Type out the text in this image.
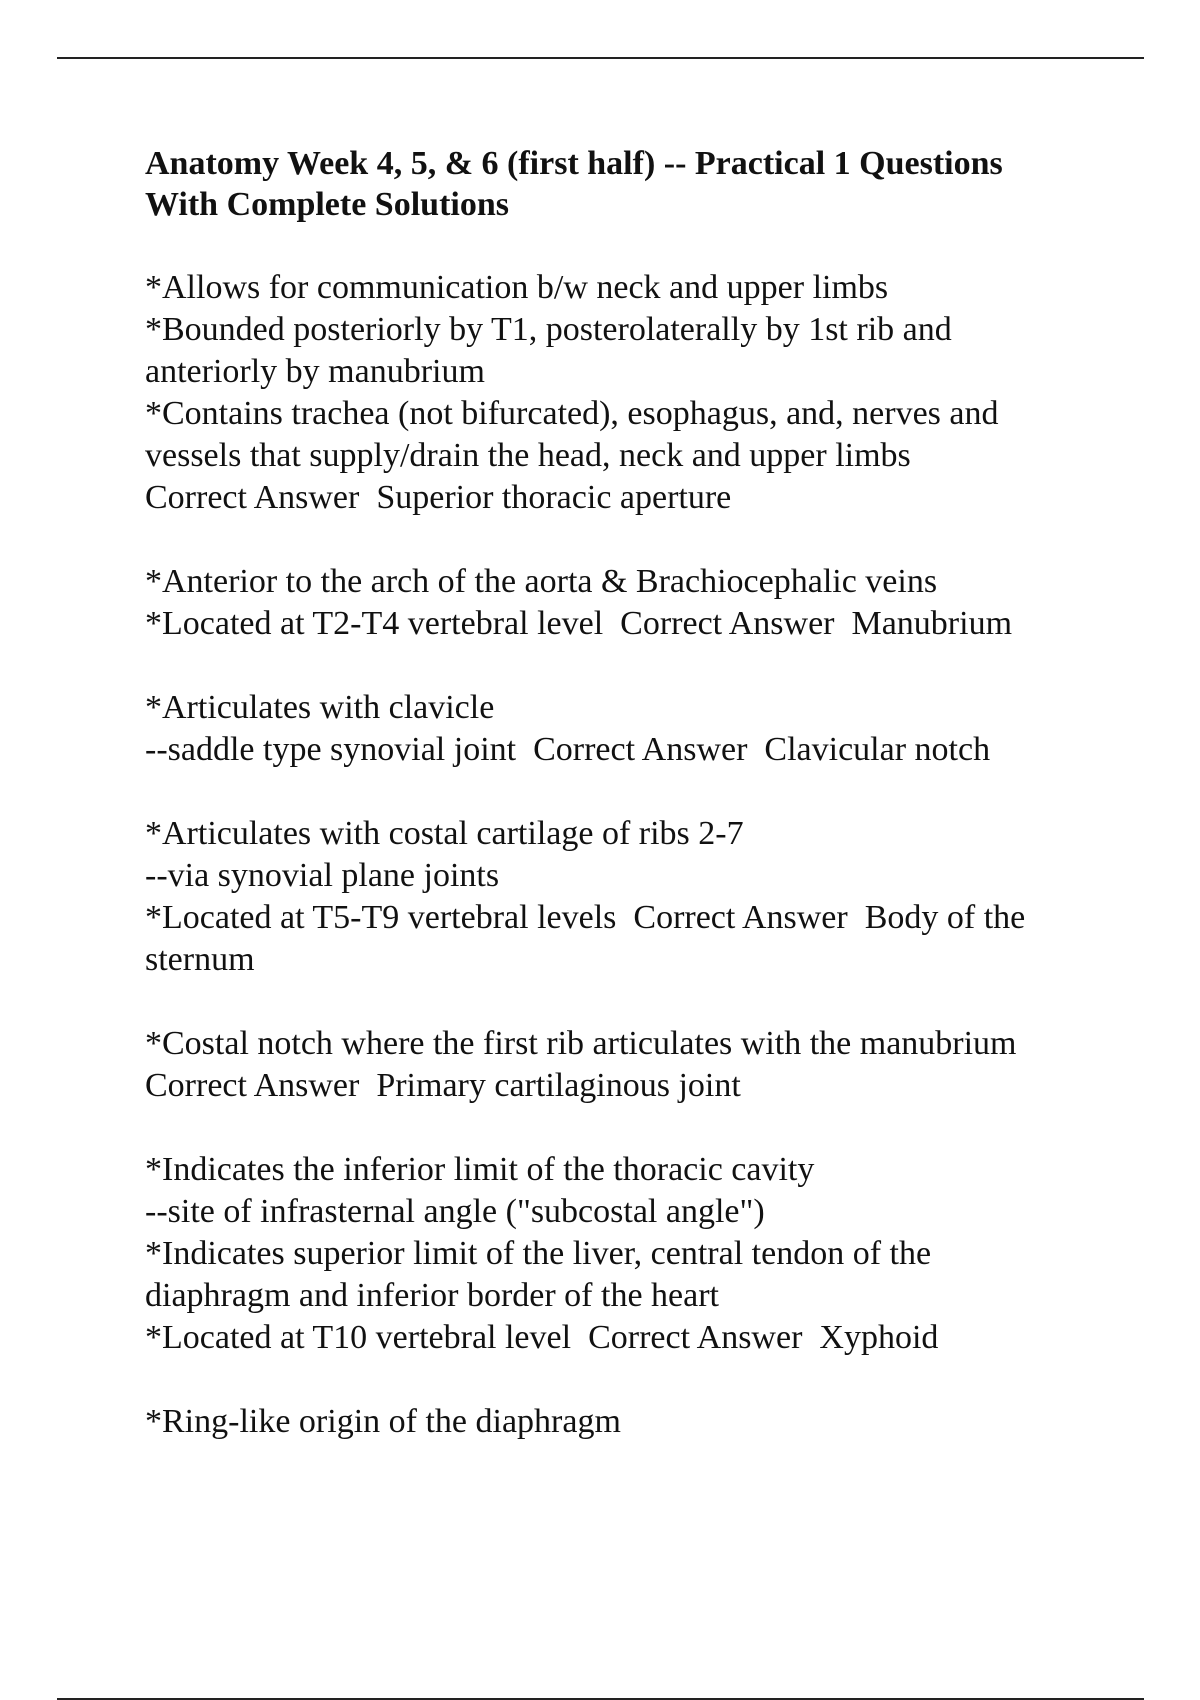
Anatomy Week 4, 5, & 6 (first half) -- Practical 1 Questions
With Complete Solutions
*Allows for communication b/w neck and upper limbs
*Bounded posteriorly by T1, posterolaterally by 1st rib and
anteriorly by manubrium
*Contains trachea (not bifurcated), esophagus, and, nerves and
vessels that supply/drain the head, neck and upper limbs
Correct Answer  Superior thoracic aperture
*Anterior to the arch of the aorta & Brachiocephalic veins
*Located at T2-T4 vertebral level  Correct Answer  Manubrium
*Articulates with clavicle
--saddle type synovial joint  Correct Answer  Clavicular notch
*Articulates with costal cartilage of ribs 2-7
--via synovial plane joints
*Located at T5-T9 vertebral levels  Correct Answer  Body of the
sternum
*Costal notch where the first rib articulates with the manubrium
Correct Answer  Primary cartilaginous joint
*Indicates the inferior limit of the thoracic cavity
--site of infrasternal angle ("subcostal angle")
*Indicates superior limit of the liver, central tendon of the
diaphragm and inferior border of the heart
*Located at T10 vertebral level  Correct Answer  Xyphoid
*Ring-like origin of the diaphragm
